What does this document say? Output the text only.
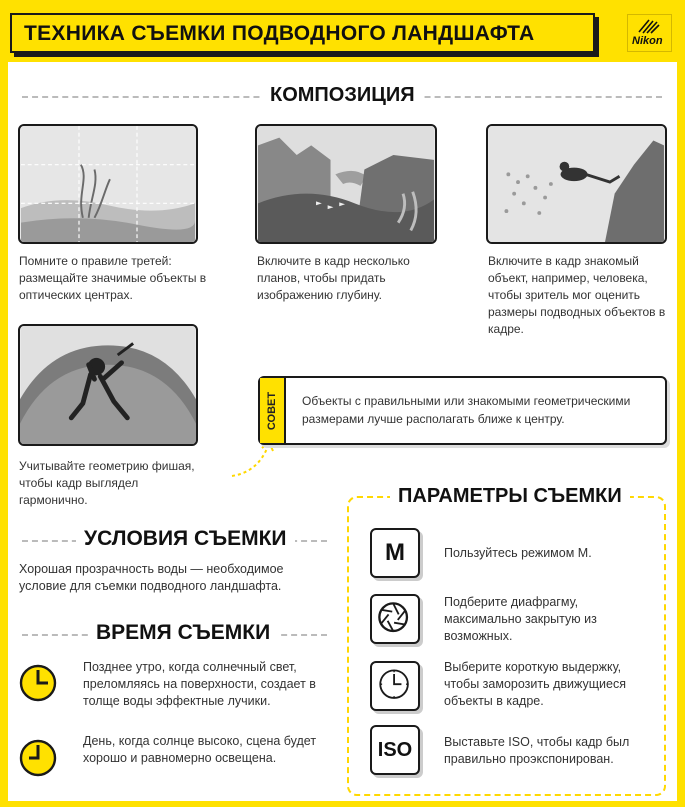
ТЕХНИКА СЪЕМКИ ПОДВОДНОГО ЛАНДШАФТА	Nikon
КОМПОЗИЦИЯ
Помните о правиле третей: размещайте значимые объекты в оптических центрах.
Включите в кадр несколько планов, чтобы придать изображению глубину.
Включите в кадр знакомый объект, например, человека, чтобы зритель мог оценить размеры подводных объектов в кадре.
Учитывайте геометрию фишая, чтобы кадр выглядел гармонично.
СОВЕТ Объекты с правильными или знакомыми геометрическими размерами лучше располагать ближе к центру.
УСЛОВИЯ СЪЕМКИ
Хорошая прозрачность воды — необходимое условие для съемки подводного ландшафта.
ВРЕМЯ СЪЕМКИ
Позднее утро, когда солнечный свет, преломляясь на поверхности, создает в толще воды эффектные лучики.
День, когда солнце высоко, сцена будет хорошо и равномерно освещена.
ПАРАМЕТРЫ СЪЕМКИ
M	Пользуйтесь режимом М.
Подберите диафрагму, максимально закрытую из возможных.
Выберите короткую выдержку, чтобы заморозить движущиеся объекты в кадре.
ISO	Выставьте ISO, чтобы кадр был правильно проэкспонирован.
